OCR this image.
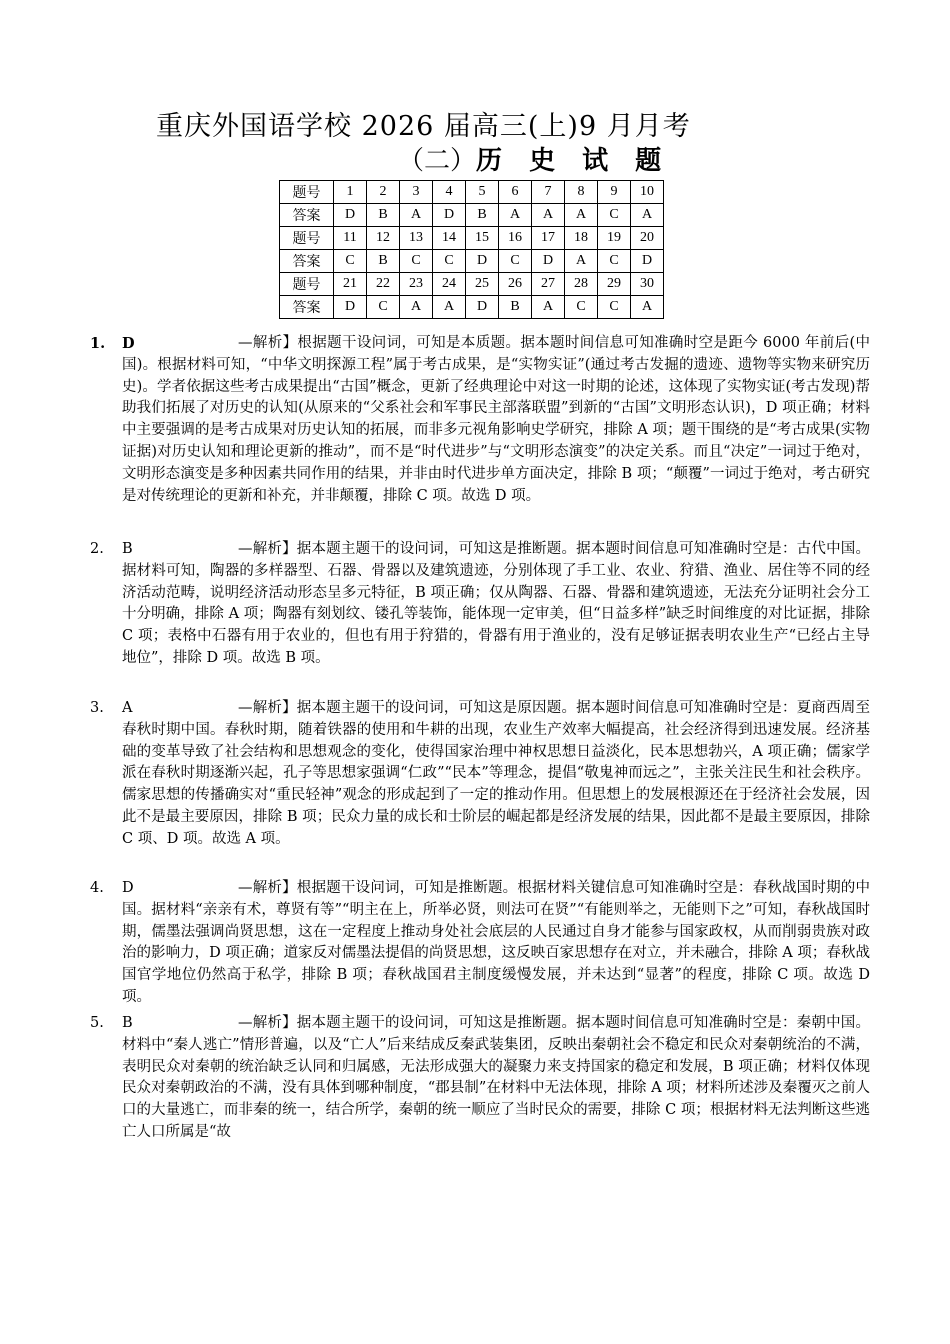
重庆外国语学校 2026 届高三(上)9 月月考
（二）历 史 试 题
题号	1	2	3	4	5	6	7	8	9	10
答案	D	B	A	D	B	A	A	A	C	A
题号	11	12	13	14	15	16	17	18	19	20
答案	C	B	C	C	D	C	D	A	C	D
题号	21	22	23	24	25	26	27	28	29	30
答案	D	C	A	A	D	B	A	C	C	A
1. D	—解析】根据题干设问词，可知是本质题。据本题时间信息可知准确时空是距今 6000 年前后(中国)。根据材料可知，“中华文明探源工程”属于考古成果，是“实物实证”(通过考古发掘的遗迹、遗物等实物来研究历史)。学者依据这些考古成果提出“古国”概念，更新了经典理论中对这一时期的论述，这体现了实物实证(考古发现)帮助我们拓展了对历史的认知(从原来的“父系社会和军事民主部落联盟”到新的“古国”文明形态认识)，D 项正确；材料中主要强调的是考古成果对历史认知的拓展，而非多元视角影响史学研究，排除 A 项；题干围绕的是“考古成果(实物证据)对历史认知和理论更新的推动”，而不是“时代进步”与“文明形态演变”的决定关系。而且“决定”一词过于绝对，文明形态演变是多种因素共同作用的结果，并非由时代进步单方面决定，排除 B 项；“颠覆”一词过于绝对，考古研究是对传统理论的更新和补充，并非颠覆，排除 C 项。故选 D 项。
2. B	—解析】据本题主题干的设问词，可知这是推断题。据本题时间信息可知准确时空是：古代中国。据材料可知，陶器的多样器型、石器、骨器以及建筑遗迹，分别体现了手工业、农业、狩猎、渔业、居住等不同的经济活动范畴，说明经济活动形态呈多元特征，B 项正确；仅从陶器、石器、骨器和建筑遗迹，无法充分证明社会分工十分明确，排除 A 项；陶器有刻划纹、镂孔等装饰，能体现一定审美，但“日益多样”缺乏时间维度的对比证据，排除 C 项；表格中石器有用于农业的，但也有用于狩猎的，骨器有用于渔业的，没有足够证据表明农业生产“已经占主导地位”，排除 D 项。故选 B 项。
3. A	—解析】据本题主题干的设问词，可知这是原因题。据本题时间信息可知准确时空是：夏商西周至春秋时期中国。春秋时期，随着铁器的使用和牛耕的出现，农业生产效率大幅提高，社会经济得到迅速发展。经济基础的变革导致了社会结构和思想观念的变化，使得国家治理中神权思想日益淡化，民本思想勃兴，A 项正确；儒家学派在春秋时期逐渐兴起，孔子等思想家强调“仁政”“民本”等理念，提倡“敬鬼神而远之”，主张关注民生和社会秩序。儒家思想的传播确实对“重民轻神”观念的形成起到了一定的推动作用。但思想上的发展根源还在于经济社会发展，因此不是最主要原因，排除 B 项；民众力量的成长和士阶层的崛起都是经济发展的结果，因此都不是最主要原因，排除 C 项、D 项。故选 A 项。
4. D	—解析】根据题干设问词，可知是推断题。根据材料关键信息可知准确时空是：春秋战国时期的中国。据材料“亲亲有术，尊贤有等”“明主在上，所举必贤，则法可在贤”“有能则举之，无能则下之”可知，春秋战国时期，儒墨法强调尚贤思想，这在一定程度上推动身处社会底层的人民通过自身才能参与国家政权，从而削弱贵族对政治的影响力，D 项正确；道家反对儒墨法提倡的尚贤思想，这反映百家思想存在对立，并未融合，排除 A 项；春秋战国官学地位仍然高于私学，排除 B 项；春秋战国君主制度缓慢发展，并未达到“显著”的程度，排除 C 项。故选 D 项。
5. B	—解析】据本题主题干的设问词，可知这是推断题。据本题时间信息可知准确时空是：秦朝中国。材料中“秦人逃亡”情形普遍，以及“亡人”后来结成反秦武装集团，反映出秦朝社会不稳定和民众对秦朝统治的不满，表明民众对秦朝的统治缺乏认同和归属感，无法形成强大的凝聚力来支持国家的稳定和发展，B 项正确；材料仅体现民众对秦朝政治的不满，没有具体到哪种制度，“郡县制”在材料中无法体现，排除 A 项；材料所述涉及秦覆灭之前人口的大量逃亡，而非秦的统一，结合所学，秦朝的统一顺应了当时民众的需要，排除 C 项；根据材料无法判断这些逃亡人口所属是“故
